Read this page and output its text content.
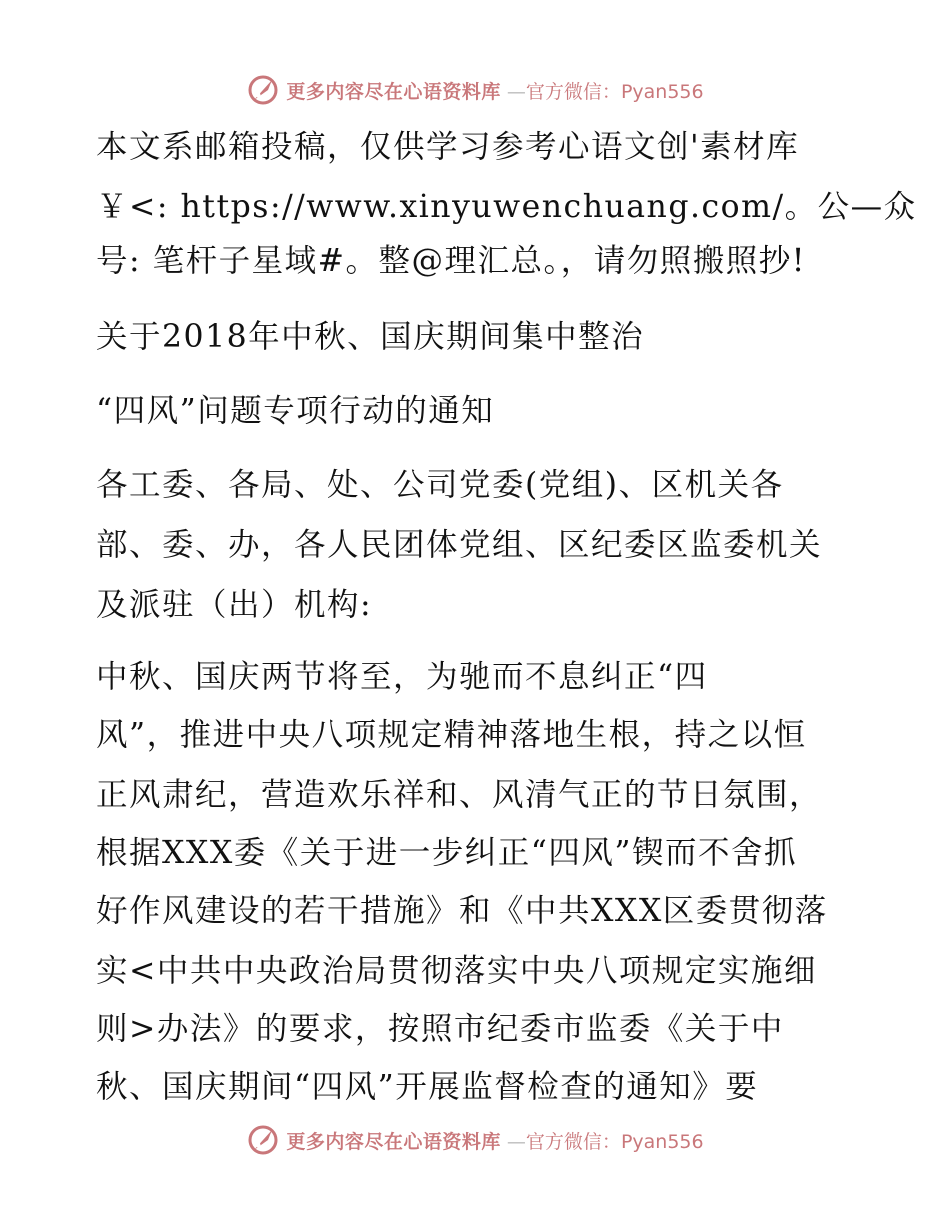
更多内容尽在心语资料库 —官方微信：Pyan556
本文系邮箱投稿，仅供学习参考心语文创'素材库
￥<: https://www.xinyuwenchuang.com/。公—众
号: 笔杆子星域#。整@理汇总。，请勿照搬照抄!
关于2018年中秋、国庆期间集中整治
“四风”问题专项行动的通知
各工委、各局、处、公司党委(党组)、区机关各
部、委、办，各人民团体党组、区纪委区监委机关
及派驻（出）机构:
中秋、国庆两节将至，为驰而不息纠正“四
风”，推进中央八项规定精神落地生根，持之以恒
正风肃纪，营造欢乐祥和、风清气正的节日氛围，
根据XXX委《关于进一步纠正“四风”锲而不舍抓
好作风建设的若干措施》和《中共XXX区委贯彻落
实<中共中央政治局贯彻落实中央八项规定实施细
则>办法》的要求，按照市纪委市监委《关于中
秋、国庆期间“四风”开展监督检查的通知》要
更多内容尽在心语资料库 —官方微信：Pyan556
